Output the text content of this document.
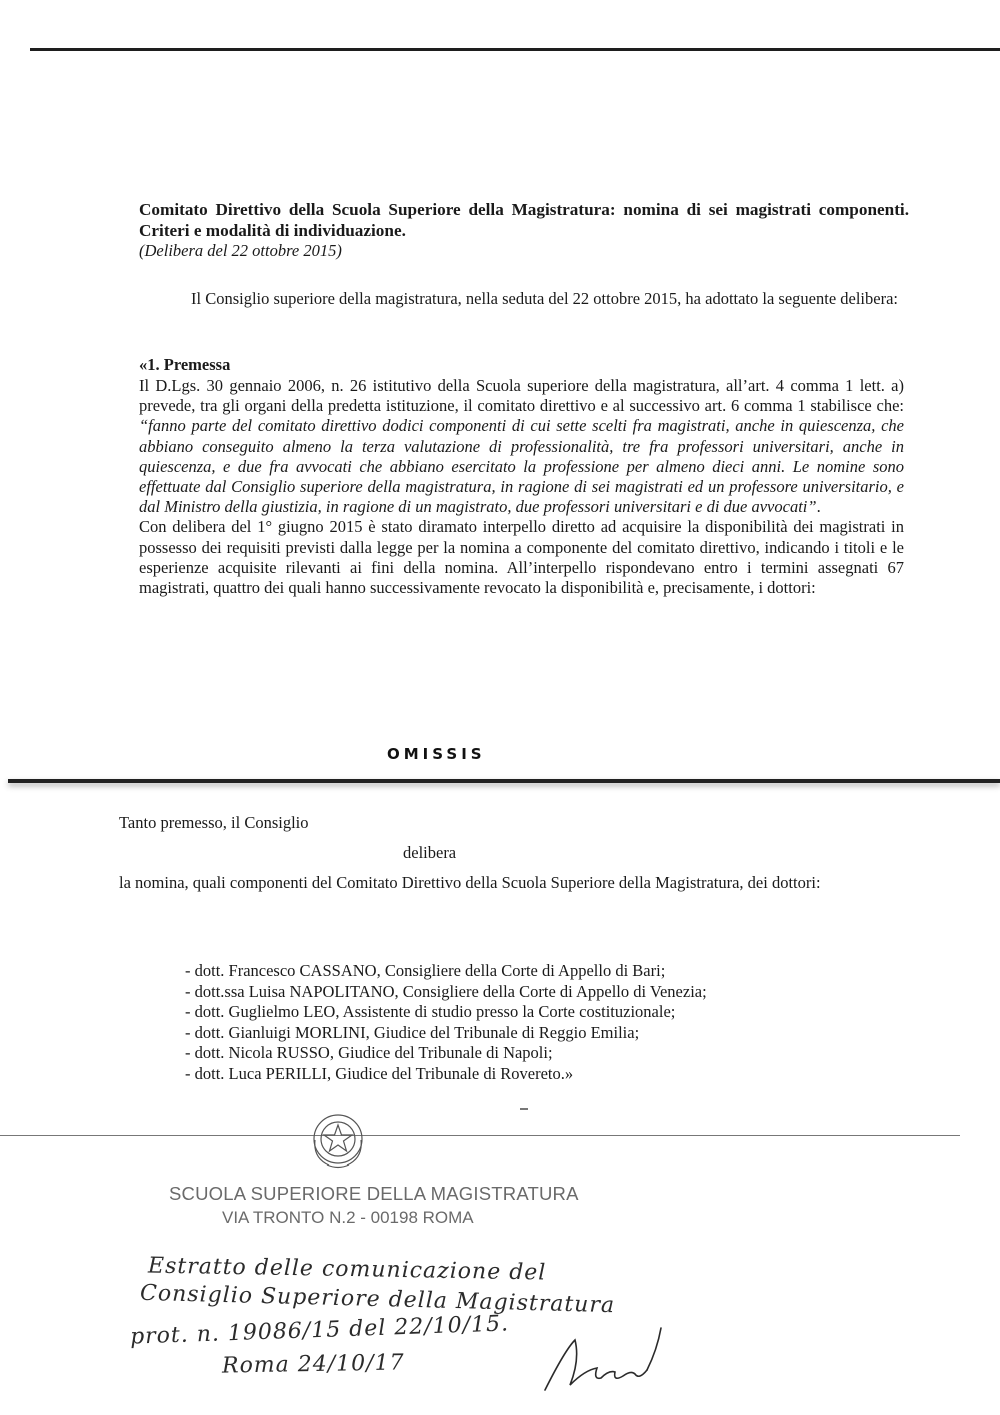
Comitato Direttivo della Scuola Superiore della Magistratura: nomina di sei magistrati componenti. Criteri e modalità di individuazione.
(Delibera del 22 ottobre 2015)
Il Consiglio superiore della magistratura, nella seduta del 22 ottobre 2015, ha adottato la seguente delibera:
«1. Premessa
Il D.Lgs. 30 gennaio 2006, n. 26 istitutivo della Scuola superiore della magistratura, all’art. 4 comma 1 lett. a) prevede, tra gli organi della predetta istituzione, il comitato direttivo e al successivo art. 6 comma 1 stabilisce che: “fanno parte del comitato direttivo dodici componenti di cui sette scelti fra magistrati, anche in quiescenza, che abbiano conseguito almeno la terza valutazione di professionalità, tre fra professori universitari, anche in quiescenza, e due fra avvocati che abbiano esercitato la professione per almeno dieci anni. Le nomine sono effettuate dal Consiglio superiore della magistratura, in ragione di sei magistrati ed un professore universitario, e dal Ministro della giustizia, in ragione di un magistrato, due professori universitari e di due avvocati”.
Con delibera del 1° giugno 2015 è stato diramato interpello diretto ad acquisire la disponibilità dei magistrati in possesso dei requisiti previsti dalla legge per la nomina a componente del comitato direttivo, indicando i titoli e le esperienze acquisite rilevanti ai fini della nomina. All’interpello rispondevano entro i termini assegnati 67 magistrati, quattro dei quali hanno successivamente revocato la disponibilità e, precisamente, i dottori:
OMISSIS
Tanto premesso, il Consiglio
delibera
la nomina, quali componenti del Comitato Direttivo della Scuola Superiore della Magistratura, dei dottori:
- dott. Francesco CASSANO, Consigliere della Corte di Appello di Bari;
- dott.ssa Luisa NAPOLITANO, Consigliere della Corte di Appello di Venezia;
- dott. Guglielmo LEO, Assistente di studio presso la Corte costituzionale;
- dott. Gianluigi MORLINI, Giudice del Tribunale di Reggio Emilia;
- dott. Nicola RUSSO, Giudice del Tribunale di Napoli;
- dott. Luca PERILLI, Giudice del Tribunale di Rovereto.»
SCUOLA SUPERIORE DELLA MAGISTRATURA
VIA TRONTO N.2 - 00198 ROMA
Estratto delle comunicazione del
Consiglio Superiore della Magistratura
prot. n. 19086/15 del 22/10/15.
Roma 24/10/17
